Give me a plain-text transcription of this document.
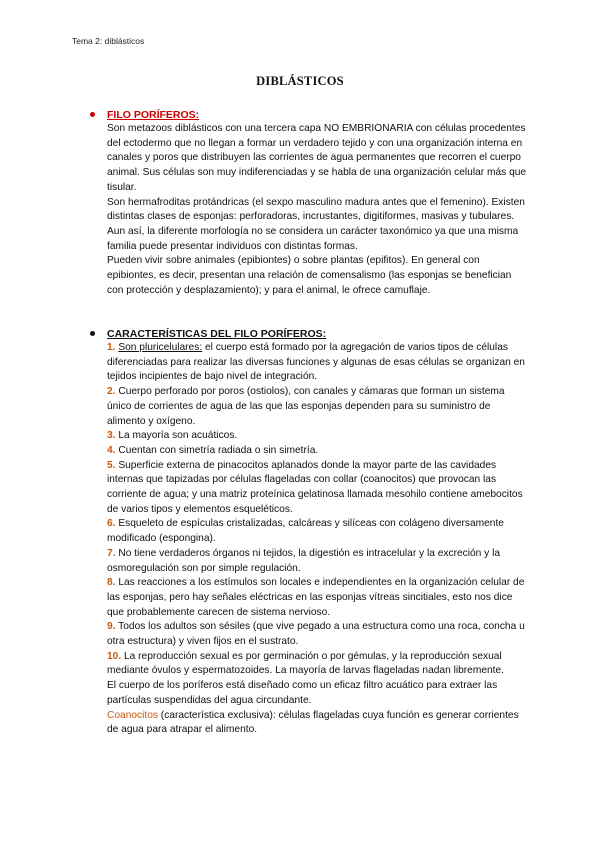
Tema 2: diblásticos
DIBLÁSTICOS
FILO PORÍFEROS:
Son metazoos diblásticos con una tercera capa NO EMBRIONARIA con células procedentes del ectodermo que no llegan a formar un verdadero tejido y con una organización interna en canales y poros que distribuyen las corrientes de agua permanentes que recorren el cuerpo animal. Sus células son muy indiferenciadas y se habla de una organización celular más que tisular.
Son hermafroditas protándricas (el sexpo masculino madura antes que el femenino). Existen distintas clases de esponjas: perforadoras, incrustantes, digitiformes, masivas y tubulares. Aun así, la diferente morfología no se considera un carácter taxonómico ya que una misma familia puede presentar individuos con distintas formas.
Pueden vivir sobre animales (epibiontes) o sobre plantas (epifitos). En general con epibiontes, es decir, presentan una relación de comensalismo (las esponjas se benefician con protección y desplazamiento); y para el animal, le ofrece camuflaje.
CARACTERÍSTICAS DEL FILO PORÍFEROS:
1. Son pluricelulares: el cuerpo está formado por la agregación de varios tipos de células diferenciadas para realizar las diversas funciones y algunas de esas células se organizan en tejidos incipientes de bajo nivel de integración.
2. Cuerpo perforado por poros (ostiolos), con canales y cámaras que forman un sistema único de corrientes de agua de las que las esponjas dependen para su suministro de alimento y oxígeno.
3. La mayoría son acuáticos.
4. Cuentan con simetría radiada o sin simetría.
5. Superficie externa de pinacocitos aplanados donde la mayor parte de las cavidades internas que tapizadas por células flageladas con collar (coanocitos) que provocan las corriente de agua; y una matriz proteínica gelatinosa llamada mesohilo contiene amebocitos de varios tipos y elementos esqueléticos.
6. Esqueleto de espículas cristalizadas, calcáreas y silíceas con colágeno diversamente modificado (espongina).
7. No tiene verdaderos órganos ni tejidos, la digestión es intracelular y la excreción y la osmoregulación son por simple regulación.
8. Las reacciones a los estímulos son locales e independientes en la organización celular de las esponjas, pero hay señales eléctricas en las esponjas vítreas sincitiales, esto nos dice que probablemente carecen de sistema nervioso.
9. Todos los adultos son sésiles (que vive pegado a una estructura como una roca, concha u otra estructura) y viven fijos en el sustrato.
10. La reproducción sexual es por germinación o por gémulas, y la reproducción sexual mediante óvulos y espermatozoides. La mayoría de larvas flageladas nadan libremente.
El cuerpo de los poríferos está diseñado como un eficaz filtro acuático para extraer las partículas suspendidas del agua circundante.
Coanocitos (característica exclusiva): células flageladas cuya función es generar corrientes de agua para atrapar el alimento.
